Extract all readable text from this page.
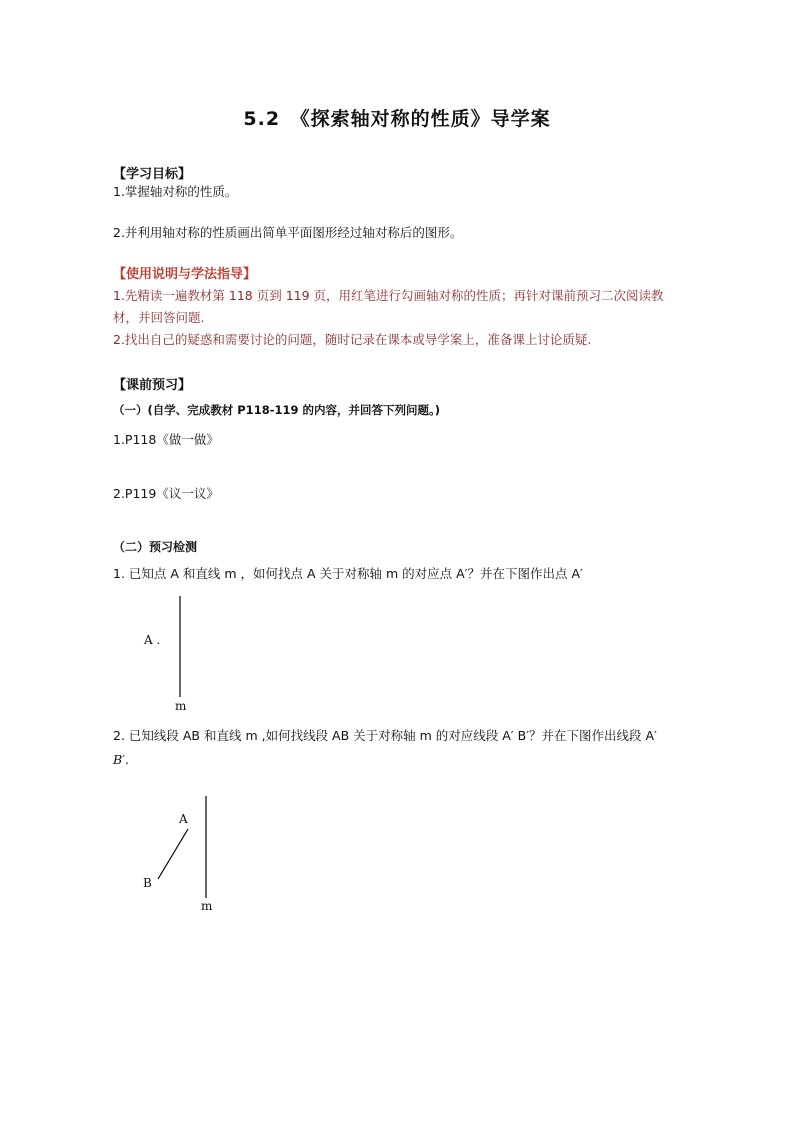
5.2　《探索轴对称的性质》导学案
【学习目标】
1.掌握轴对称的性质。
2.并利用轴对称的性质画出简单平面图形经过轴对称后的图形。
【使用说明与学法指导】
1.先精读一遍教材第 118 页到 119 页，用红笔进行勾画轴对称的性质；再针对课前预习二次阅读教
材，并回答问题.
2.找出自己的疑惑和需要讨论的问题，随时记录在课本或导学案上，准备课上讨论质疑.
【课前预习】
（一）(自学、完成教材 P118-119 的内容，并回答下列问题。)
1.P118《做一做》
2.P119《议一议》
（二）预习检测
1. 已知点 A 和直线 m ，如何找点 A 关于对称轴 m 的对应点 A′？并在下图作出点 A′
A .
m
2. 已知线段 AB 和直线 m ,如何找线段 AB 关于对称轴 m 的对应线段 A′ B′？并在下图作出线段 A′
B′.
A
B
m
